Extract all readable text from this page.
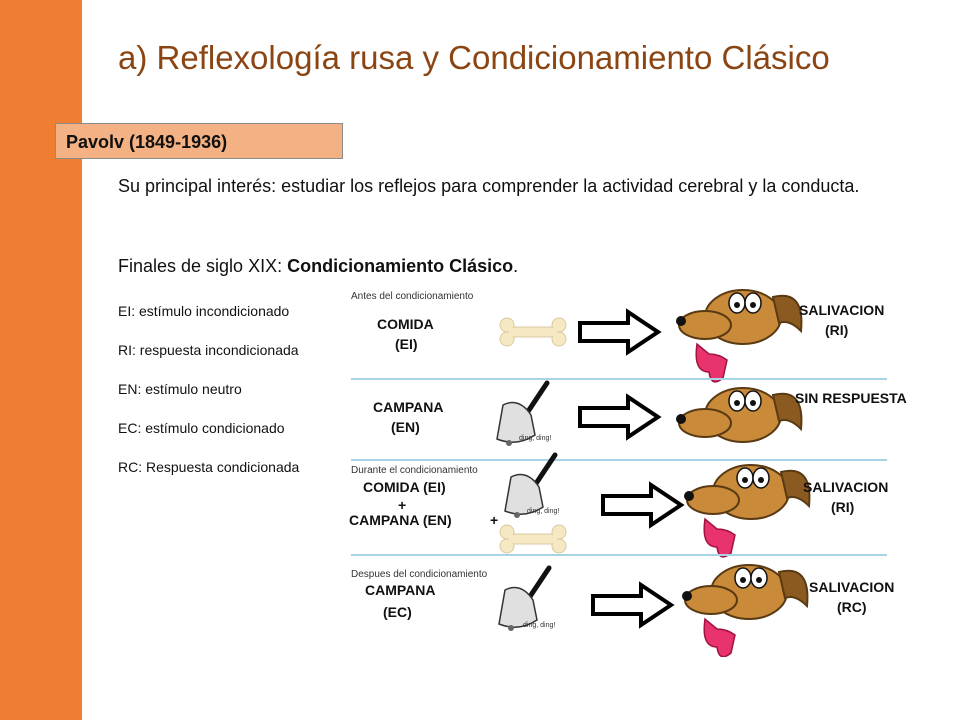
a) Reflexología rusa y Condicionamiento Clásico
Pavolv (1849-1936)
Su principal interés: estudiar los reflejos para comprender la actividad cerebral y la conducta.
Finales de siglo XIX: Condicionamiento Clásico.
EI: estímulo incondicionado
RI: respuesta incondicionada
EN: estímulo neutro
EC: estímulo condicionado
RC: Respuesta condicionada
Antes del condicionamiento
COMIDA
(EI)
SALIVACION
(RI)
CAMPANA
(EN)
ding, ding!
SIN RESPUESTA
Durante el condicionamiento
COMIDA (EI)
+
CAMPANA (EN)
ding, ding!
+
SALIVACION
(RI)
Despues del condicionamiento
CAMPANA
(EC)
ding, ding!
SALIVACION
(RC)
